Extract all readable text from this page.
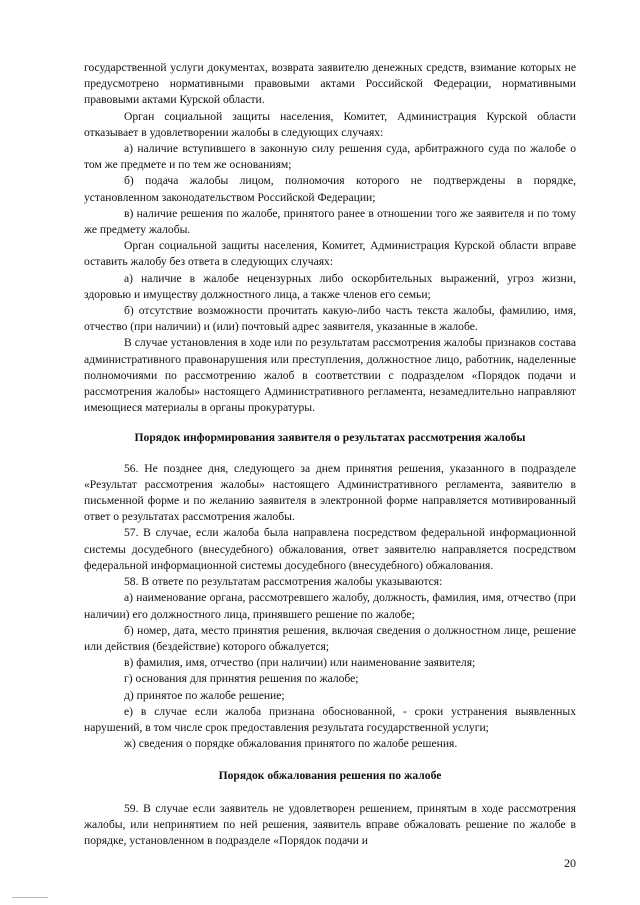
государственной услуги документах, возврата заявителю денежных средств, взимание которых не предусмотрено нормативными правовыми актами Российской Федерации, нормативными правовыми актами Курской области.

Орган социальной защиты населения, Комитет, Администрация Курской области отказывает в удовлетворении жалобы в следующих случаях:

а) наличие вступившего в законную силу решения суда, арбитражного суда по жалобе о том же предмете и по тем же основаниям;

б) подача жалобы лицом, полномочия которого не подтверждены в порядке, установленном законодательством Российской Федерации;

в) наличие решения по жалобе, принятого ранее в отношении того же заявителя и по тому же предмету жалобы.

Орган социальной защиты населения, Комитет, Администрация Курской области вправе оставить жалобу без ответа в следующих случаях:

а) наличие в жалобе нецензурных либо оскорбительных выражений, угроз жизни, здоровью и имуществу должностного лица, а также членов его семьи;

б) отсутствие возможности прочитать какую-либо часть текста жалобы, фамилию, имя, отчество (при наличии) и (или) почтовый адрес заявителя, указанные в жалобе.

В случае установления в ходе или по результатам рассмотрения жалобы признаков состава административного правонарушения или преступления, должностное лицо, работник, наделенные полномочиями по рассмотрению жалоб в соответствии с подразделом «Порядок подачи и рассмотрения жалобы» настоящего Административного регламента, незамедлительно направляют имеющиеся материалы в органы прокуратуры.

Порядок информирования заявителя о результатах рассмотрения жалобы

56. Не позднее дня, следующего за днем принятия решения, указанного в подразделе «Результат рассмотрения жалобы» настоящего Административного регламента, заявителю в письменной форме и по желанию заявителя в электронной форме направляется мотивированный ответ о результатах рассмотрения жалобы.

57. В случае, если жалоба была направлена посредством федеральной информационной системы досудебного (внесудебного) обжалования, ответ заявителю направляется посредством федеральной информационной системы досудебного (внесудебного) обжалования.

58. В ответе по результатам рассмотрения жалобы указываются:

а) наименование органа, рассмотревшего жалобу, должность, фамилия, имя, отчество (при наличии) его должностного лица, принявшего решение по жалобе;

б) номер, дата, место принятия решения, включая сведения о должностном лице, решение или действия (бездействие) которого обжалуется;

в) фамилия, имя, отчество (при наличии) или наименование заявителя;

г) основания для принятия решения по жалобе;

д) принятое по жалобе решение;

е) в случае если жалоба признана обоснованной, - сроки устранения выявленных нарушений, в том числе срок предоставления результата государственной услуги;

ж) сведения о порядке обжалования принятого по жалобе решения.

Порядок обжалования решения по жалобе

59. В случае если заявитель не удовлетворен решением, принятым в ходе рассмотрения жалобы, или непринятием по ней решения, заявитель вправе обжаловать решение по жалобе в порядке, установленном в подразделе «Порядок подачи и

20
